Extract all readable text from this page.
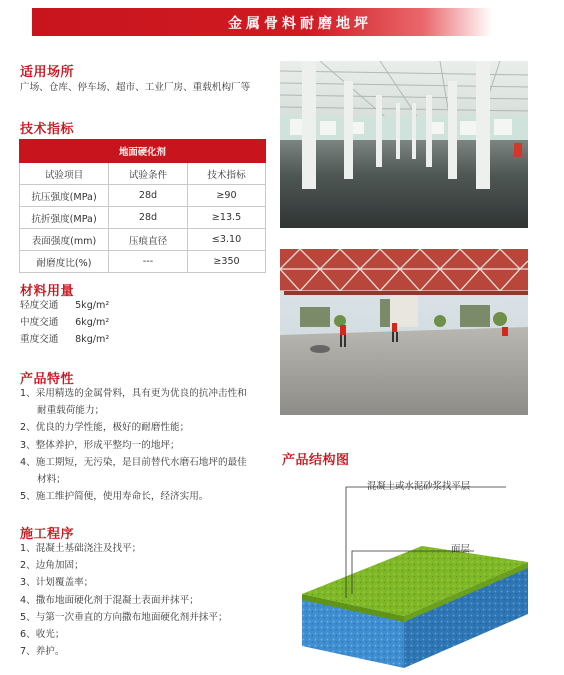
金属骨料耐磨地坪
适用场所
广场、仓库、停车场、超市、工业厂房、重载机构厂等
技术指标
地面硬化剂		
试验项目	试验条件	技术指标
抗压强度(MPa)	28d	≥90
抗折强度(MPa)	28d	≥13.5
表面强度(mm)	压痕直径	≤3.10
耐磨度比(%)	---	≥350
材料用量
轻度交通 5kg/m²
中度交通 6kg/m²
重度交通 8kg/m²
产品特性
1、采用精选的金属骨料，具有更为优良的抗冲击性和
耐重载荷能力；
2、优良的力学性能，极好的耐磨性能；
3、整体养护，形成平整均一的地坪；
4、施工期短，无污染，是目前替代水磨石地坪的最佳
材料；
5、施工维护简便，使用寿命长，经济实用。
施工程序
1、混凝土基础浇注及找平；
2、边角加固；
3、计划覆盖率；
4、撒布地面硬化剂于混凝土表面并抹平；
5、与第一次垂直的方向撒布地面硬化剂并抹平；
6、收光；
7、养护。
产品结构图
混凝土或水泥砂浆找平层
面层
